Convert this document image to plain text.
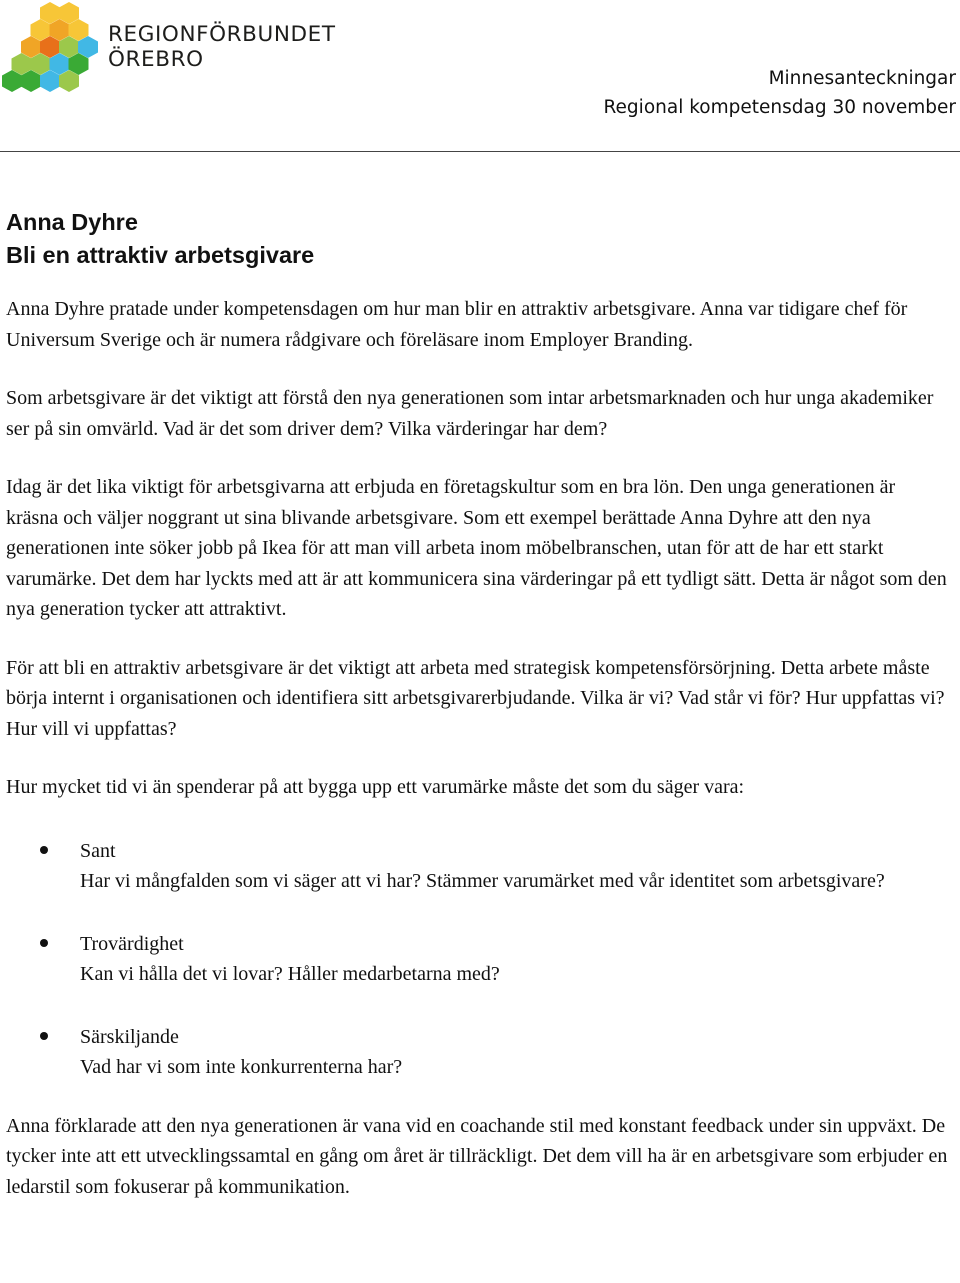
REGIONFÖRBUNDET
ÖREBRO
Minnesanteckningar
Regional kompetensdag 30 november
Anna Dyhre
Bli en attraktiv arbetsgivare

Anna Dyhre pratade under kompetensdagen om hur man blir en attraktiv arbetsgivare. Anna var tidigare chef för Universum Sverige och är numera rådgivare och föreläsare inom Employer Branding.

Som arbetsgivare är det viktigt att förstå den nya generationen som intar arbetsmarknaden och hur unga akademiker ser på sin omvärld. Vad är det som driver dem? Vilka värderingar har dem?

Idag är det lika viktigt för arbetsgivarna att erbjuda en företagskultur som en bra lön. Den unga generationen är kräsna och väljer noggrant ut sina blivande arbetsgivare. Som ett exempel berättade Anna Dyhre att den nya generationen inte söker jobb på Ikea för att man vill arbeta inom möbelbranschen, utan för att de har ett starkt varumärke. Det dem har lyckts med att är att kommunicera sina värderingar på ett tydligt sätt. Detta är något som den nya generation tycker att attraktivt.

För att bli en attraktiv arbetsgivare är det viktigt att arbeta med strategisk kompetensförsörjning. Detta arbete måste börja internt i organisationen och identifiera sitt arbetsgivarerbjudande. Vilka är vi? Vad står vi för? Hur uppfattas vi? Hur vill vi uppfattas?

Hur mycket tid vi än spenderar på att bygga upp ett varumärke måste det som du säger vara:

Sant
Har vi mångfalden som vi säger att vi har? Stämmer varumärket med vår identitet som arbetsgivare?
Trovärdighet
Kan vi hålla det vi lovar? Håller medarbetarna med?
Särskiljande
Vad har vi som inte konkurrenterna har?

Anna förklarade att den nya generationen är vana vid en coachande stil med konstant feedback under sin uppväxt. De tycker inte att ett utvecklingssamtal en gång om året är tillräckligt. Det dem vill ha är en arbetsgivare som erbjuder en ledarstil som fokuserar på kommunikation.
